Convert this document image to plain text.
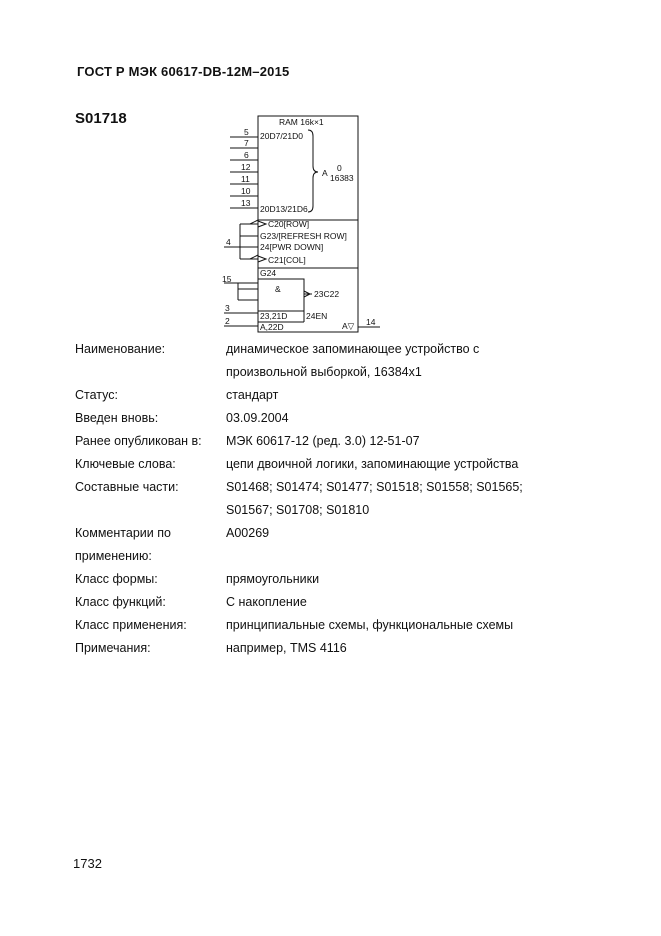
ГОСТ Р МЭК 60617-DB-12M–2015
S01718	RAM 16k×1
20D7/21D0
20D13/21D6
A 0
16383
C20[ROW]
G23/[REFRESH ROW]
24[PWR DOWN]
C21[COL]
G24
&	23C22
23,21D 24EN
A,22D	A▽
5
7
6
12
11
10
13
4
15
3
2	14
Наименование:	динамическое запоминающее устройство с
произвольной выборкой, 16384x1
Статус:	стандарт
Введен вновь:	03.09.2004
Ранее опубликован в:	МЭК 60617-12 (ред. 3.0) 12-51-07
Ключевые слова:	цепи двоичной логики, запоминающие устройства
Составные части:	S01468; S01474; S01477; S01518; S01558; S01565;
S01567; S01708; S01810
Комментарии по
применению:
A00269
Класс формы:	прямоугольники
Класс функций:	С накопление
Класс применения:	принципиальные схемы, функциональные схемы
Примечания:	например, TMS 4116
1732
